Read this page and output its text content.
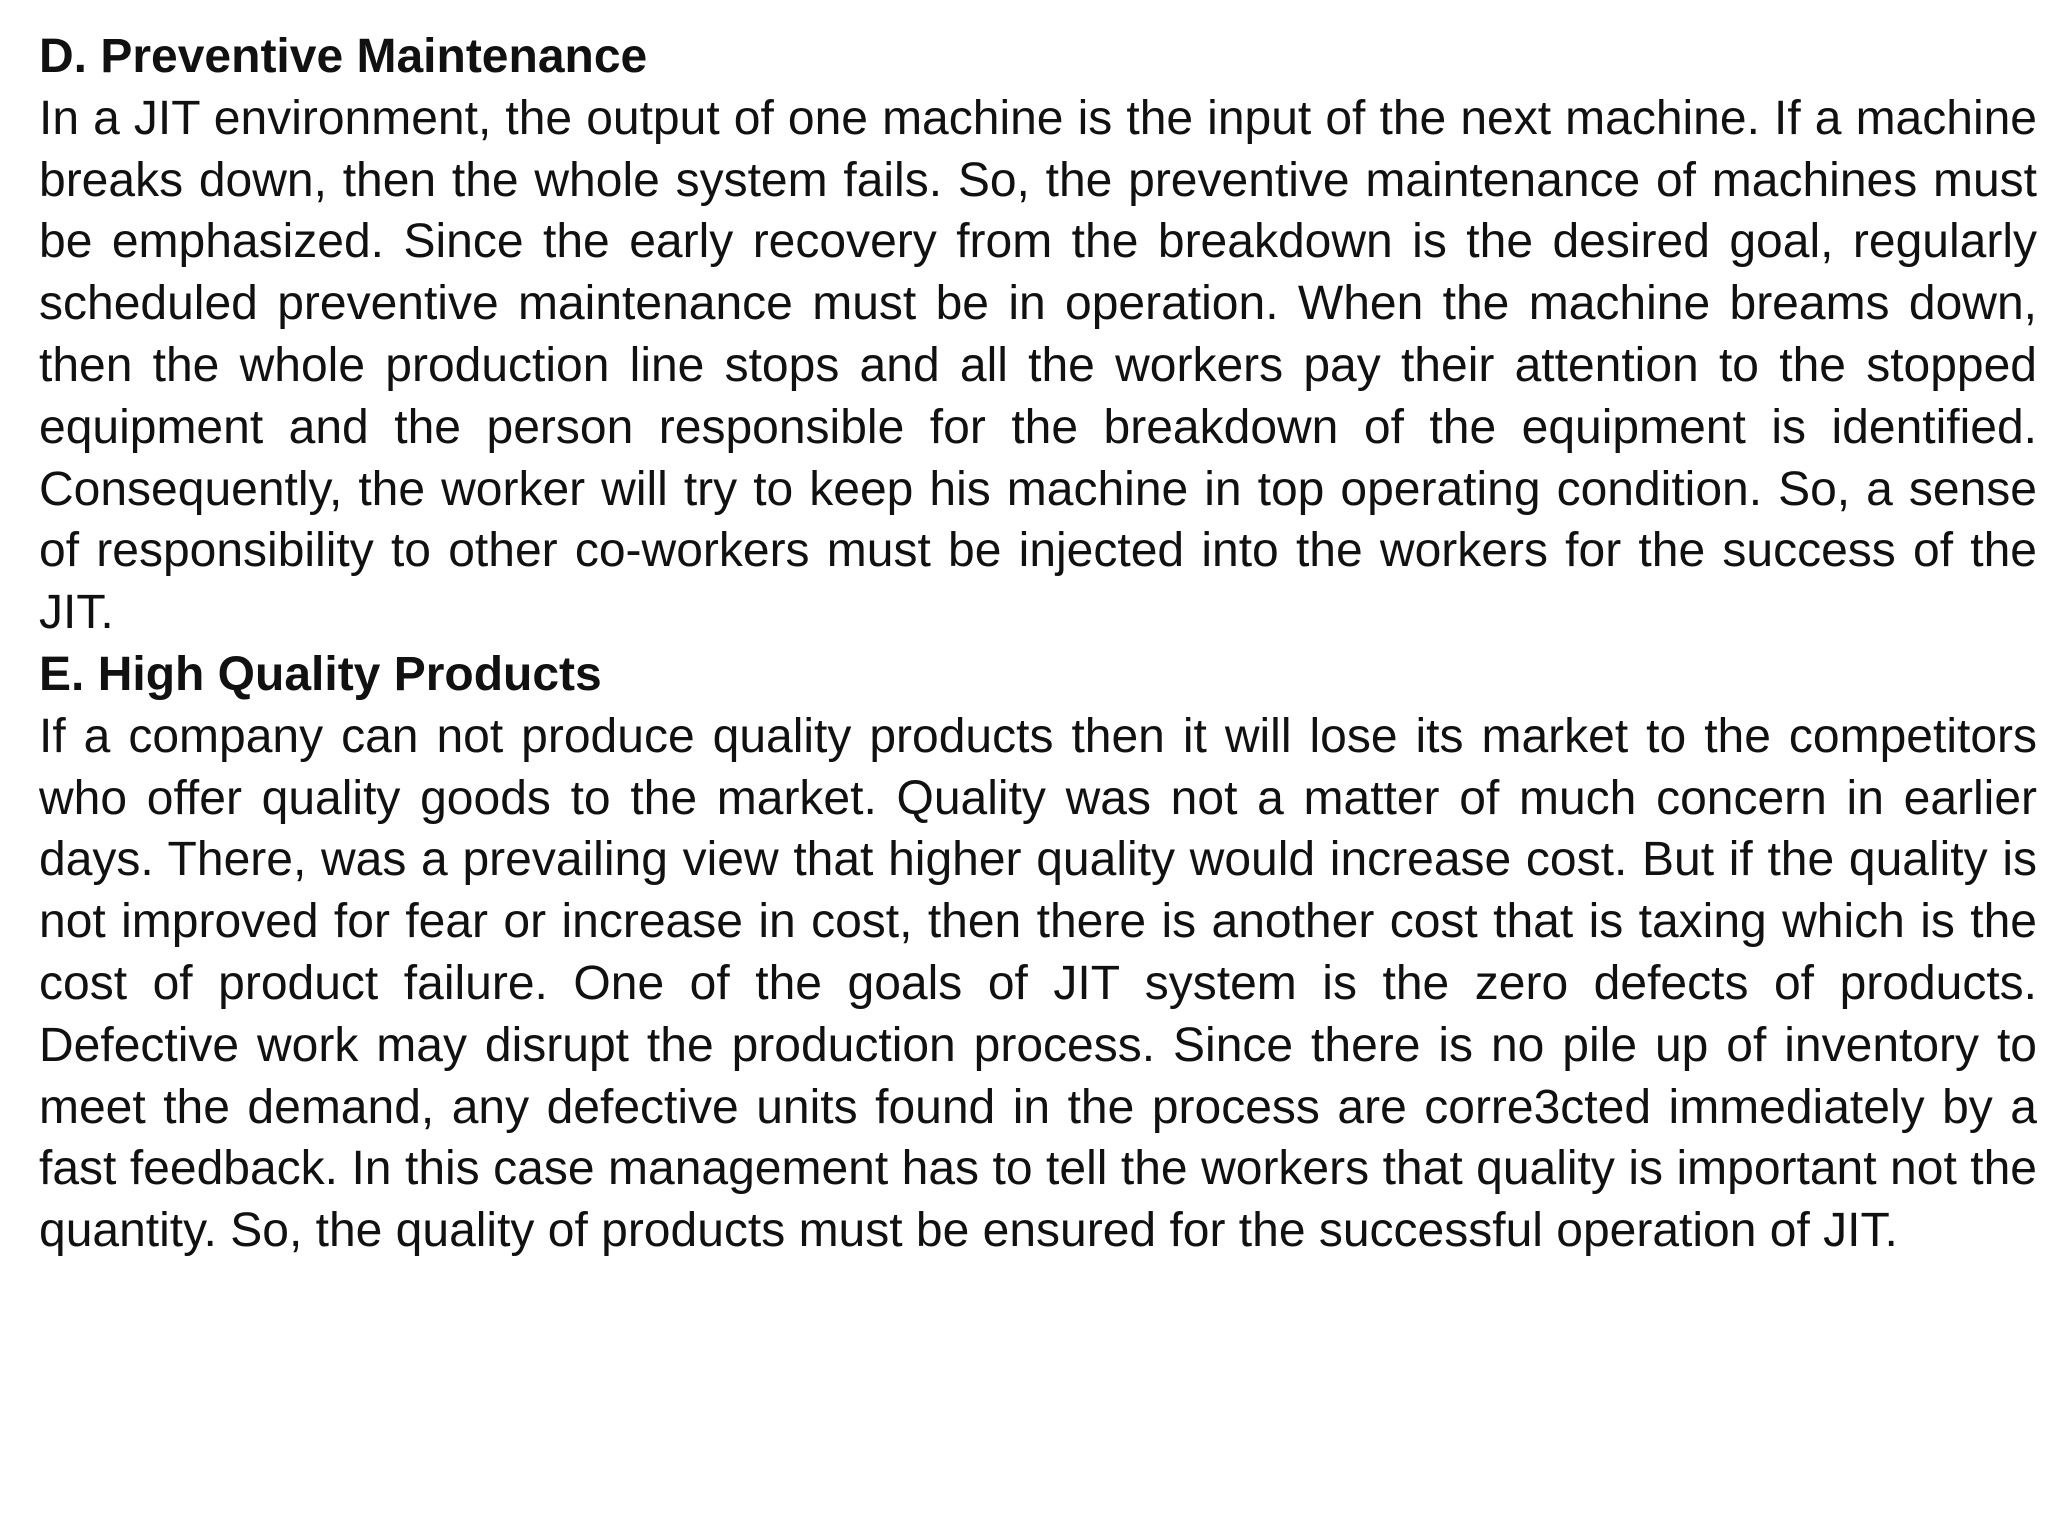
D. Preventive Maintenance

In a JIT environment, the output of one machine is the input of the next machine. If a machine breaks down, then the whole system fails. So, the preventive maintenance of machines must be emphasized. Since the early recovery from the breakdown is the desired goal, regularly scheduled preventive maintenance must be in operation. When the machine breams down, then the whole production line stops and all the workers pay their attention to the stopped equipment and the person responsible for the breakdown of the equipment is identified. Consequently, the worker will try to keep his machine in top operating condition. So, a sense of responsibility to other co-workers must be injected into the workers for the success of the JIT.

E. High Quality Products

If a company can not produce quality products then it will lose its market to the competitors who offer quality goods to the market. Quality was not a matter of much concern in earlier days. There, was a prevailing view that higher quality would increase cost. But if the quality is not improved for fear or increase in cost, then there is another cost that is taxing which is the cost of product failure. One of the goals of JIT system is the zero defects of products. Defective work may disrupt the production process. Since there is no pile up of inventory to meet the demand, any defective units found in the process are corre3cted immediately by a fast feedback. In this case management has to tell the workers that quality is important not the quantity. So, the quality of products must be ensured for the successful operation of JIT.
